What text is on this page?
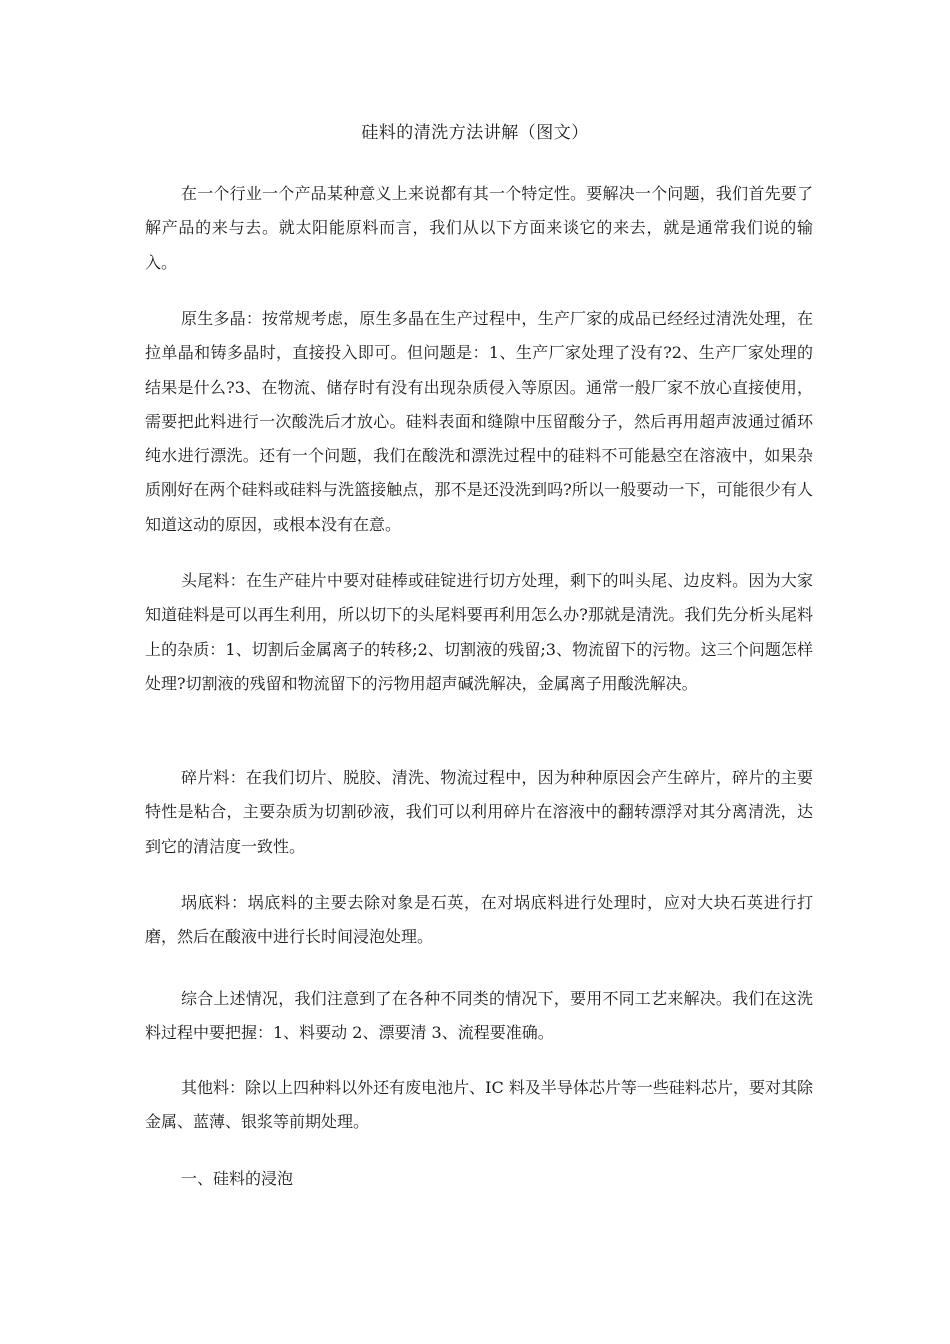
硅料的清洗方法讲解（图文）

在一个行业一个产品某种意义上来说都有其一个特定性。要解决一个问题，我们首先要了解产品的来与去。就太阳能原料而言，我们从以下方面来谈它的来去，就是通常我们说的输入。

原生多晶：按常规考虑，原生多晶在生产过程中，生产厂家的成品已经经过清洗处理，在拉单晶和铸多晶时，直接投入即可。但问题是：1、生产厂家处理了没有?2、生产厂家处理的结果是什么?3、在物流、储存时有没有出现杂质侵入等原因。通常一般厂家不放心直接使用，需要把此料进行一次酸洗后才放心。硅料表面和缝隙中压留酸分子，然后再用超声波通过循环纯水进行漂洗。还有一个问题，我们在酸洗和漂洗过程中的硅料不可能悬空在溶液中，如果杂质刚好在两个硅料或硅料与洗篮接触点，那不是还没洗到吗?所以一般要动一下，可能很少有人知道这动的原因，或根本没有在意。

头尾料：在生产硅片中要对硅棒或硅锭进行切方处理，剩下的叫头尾、边皮料。因为大家知道硅料是可以再生利用，所以切下的头尾料要再利用怎么办?那就是清洗。我们先分析头尾料上的杂质：1、切割后金属离子的转移;2、切割液的残留;3、物流留下的污物。这三个问题怎样处理?切割液的残留和物流留下的污物用超声碱洗解决，金属离子用酸洗解决。

碎片料：在我们切片、脱胶、清洗、物流过程中，因为种种原因会产生碎片，碎片的主要特性是粘合，主要杂质为切割砂液，我们可以利用碎片在溶液中的翻转漂浮对其分离清洗，达到它的清洁度一致性。

埚底料：埚底料的主要去除对象是石英，在对埚底料进行处理时，应对大块石英进行打磨，然后在酸液中进行长时间浸泡处理。

综合上述情况，我们注意到了在各种不同类的情况下，要用不同工艺来解决。我们在这洗料过程中要把握：1、料要动 2、漂要清 3、流程要准确。

其他料：除以上四种料以外还有废电池片、IC 料及半导体芯片等一些硅料芯片，要对其除金属、蓝薄、银浆等前期处理。

一、硅料的浸泡
